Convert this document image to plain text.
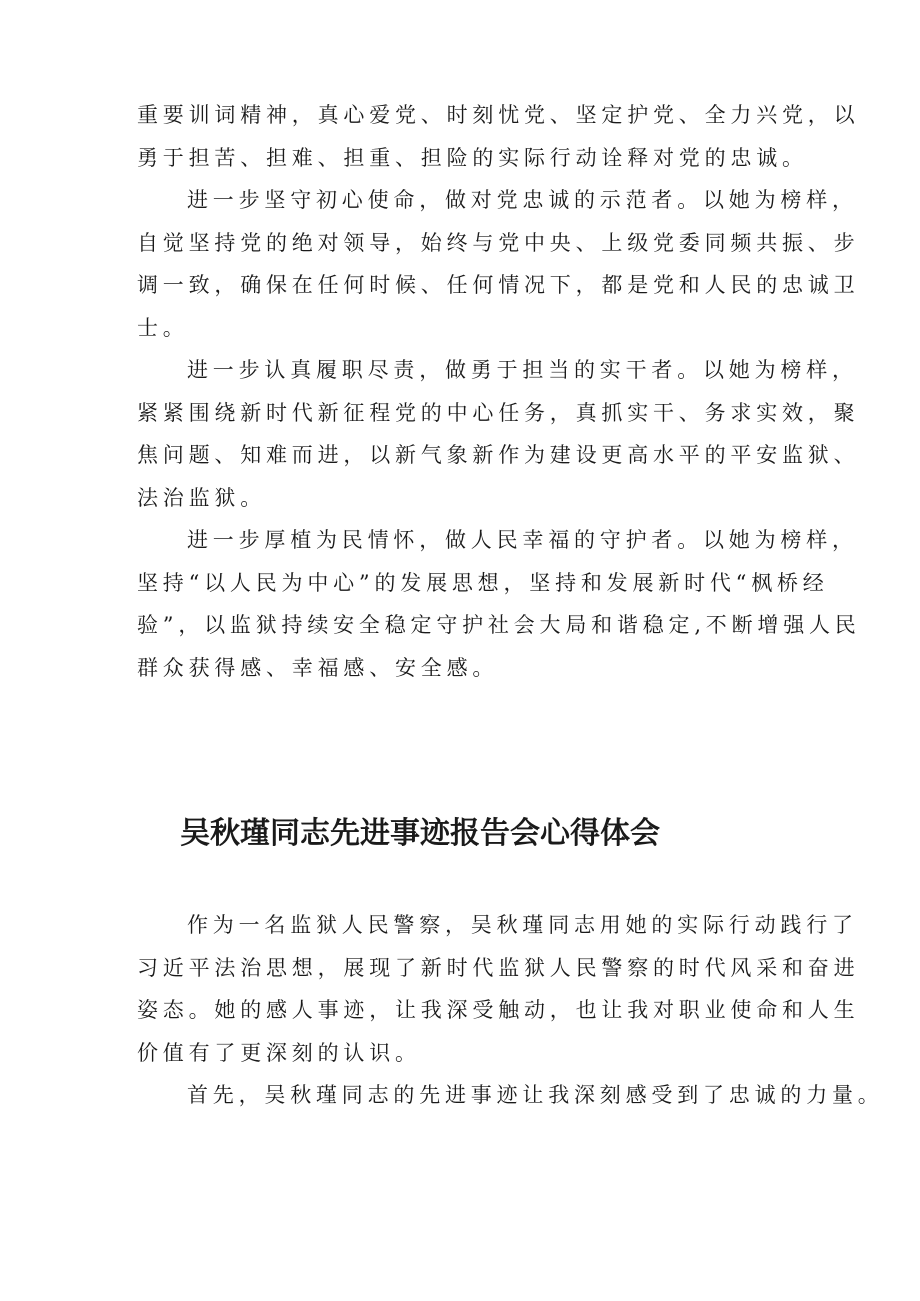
重要训词精神，真心爱党、时刻忧党、坚定护党、全力兴党，以
勇于担苦、担难、担重、担险的实际行动诠释对党的忠诚。
进一步坚守初心使命，做对党忠诚的示范者。以她为榜样，
自觉坚持党的绝对领导，始终与党中央、上级党委同频共振、步
调一致，确保在任何时候、任何情况下，都是党和人民的忠诚卫
士。
进一步认真履职尽责，做勇于担当的实干者。以她为榜样，
紧紧围绕新时代新征程党的中心任务，真抓实干、务求实效，聚
焦问题、知难而进，以新气象新作为建设更高水平的平安监狱、
法治监狱。
进一步厚植为民情怀，做人民幸福的守护者。以她为榜样，
坚持“以人民为中心”的发展思想，坚持和发展新时代“枫桥经
验”，以监狱持续安全稳定守护社会大局和谐稳定,不断增强人民
群众获得感、幸福感、安全感。
吴秋瑾同志先进事迹报告会心得体会
作为一名监狱人民警察，吴秋瑾同志用她的实际行动践行了
习近平法治思想，展现了新时代监狱人民警察的时代风采和奋进
姿态。她的感人事迹，让我深受触动，也让我对职业使命和人生
价值有了更深刻的认识。
首先，吴秋瑾同志的先进事迹让我深刻感受到了忠诚的力量。
